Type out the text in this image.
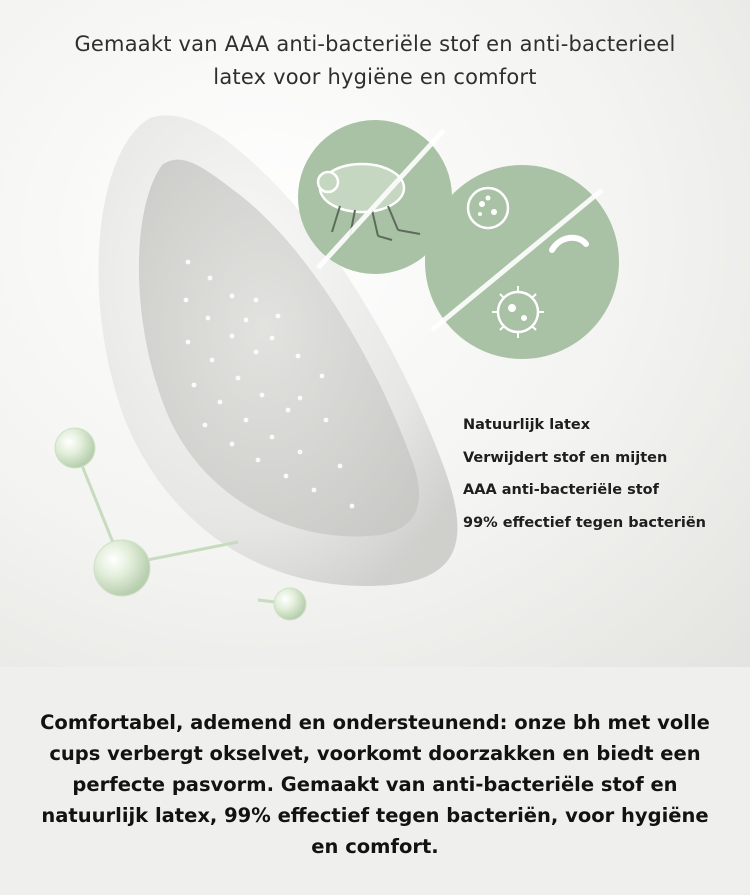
Gemaakt van AAA anti-bacteriële stof en anti-bacterieel
latex voor hygiëne en comfort
Natuurlijk latex
Verwijdert stof en mijten
AAA anti-bacteriële stof
99% effectief tegen bacteriën

Comfortabel, ademend en ondersteunend: onze bh met volle cups verbergt okselvet, voorkomt doorzakken en biedt een perfecte pasvorm. Gemaakt van anti-bacteriële stof en natuurlijk latex, 99% effectief tegen bacteriën, voor hygiëne en comfort.
